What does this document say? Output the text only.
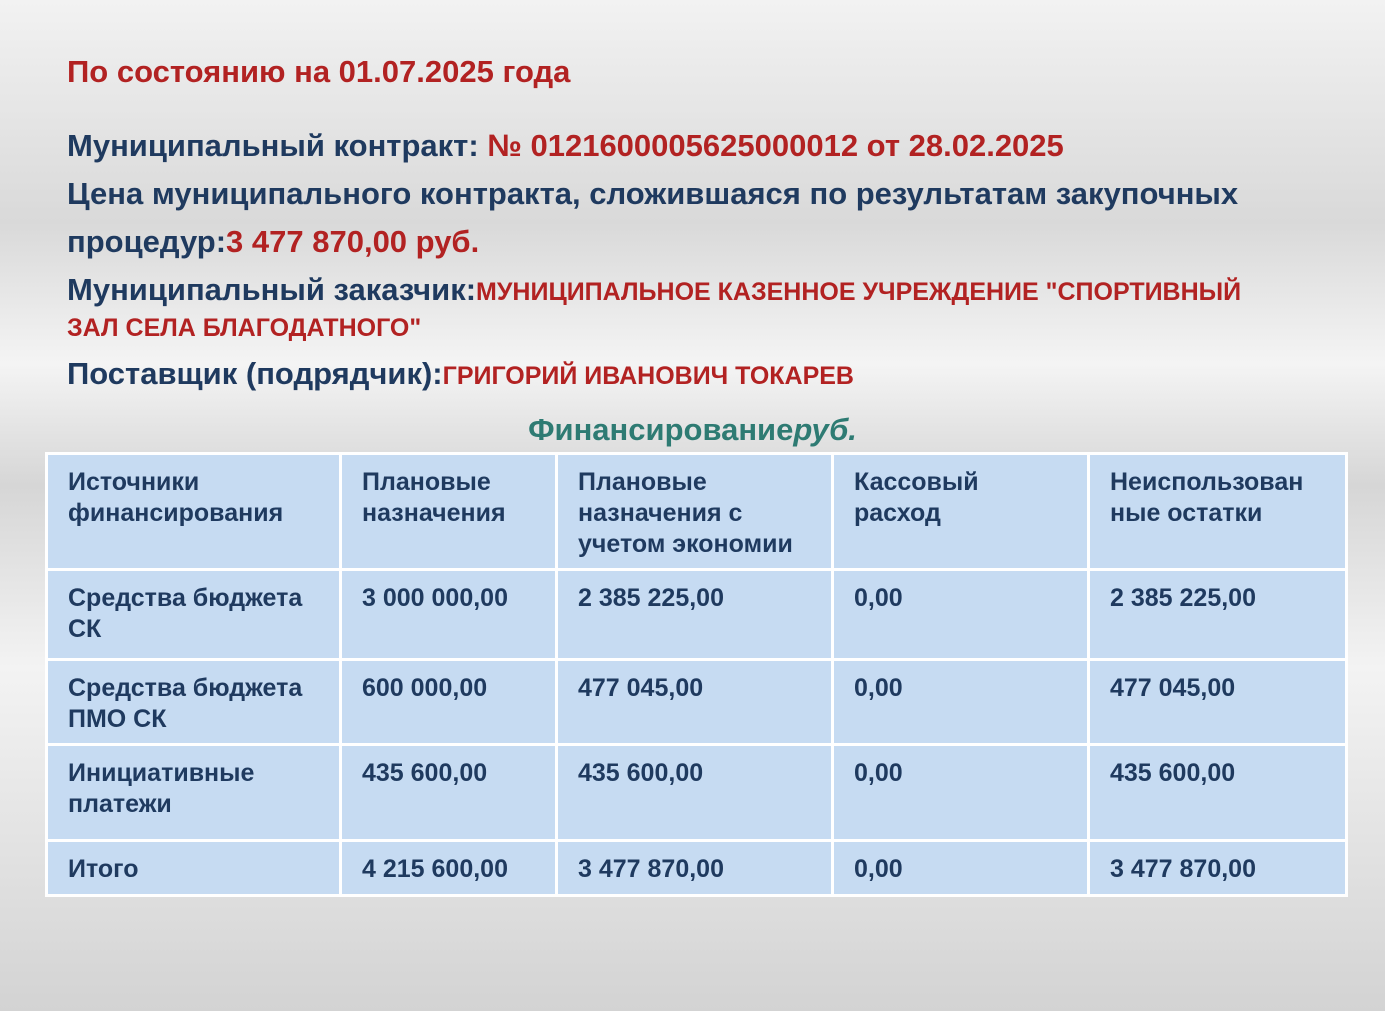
По состоянию на 01.07.2025 года
Муниципальный контракт: № 0121600005625000012 от 28.02.2025
Цена муниципального контракта, сложившаяся по результатам закупочных
процедур:3 477 870,00 руб.
Муниципальный заказчик:МУНИЦИПАЛЬНОЕ КАЗЕННОЕ УЧРЕЖДЕНИЕ "СПОРТИВНЫЙ
ЗАЛ СЕЛА БЛАГОДАТНОГО"
Поставщик (подрядчик):ГРИГОРИЙ ИВАНОВИЧ ТОКАРЕВ
Финансированиеруб.
Источники финансирования	Плановые назначения	Плановые назначения с учетом экономии	Кассовый расход	Неиспользован ные остатки
Средства бюджета СК	3 000 000,00	2 385 225,00	0,00	2 385 225,00
Средства бюджета ПМО СК	600 000,00	477 045,00	0,00	477 045,00
Инициативные платежи	435 600,00	435 600,00	0,00	435 600,00
Итого	4 215 600,00	3 477 870,00	0,00	3 477 870,00
